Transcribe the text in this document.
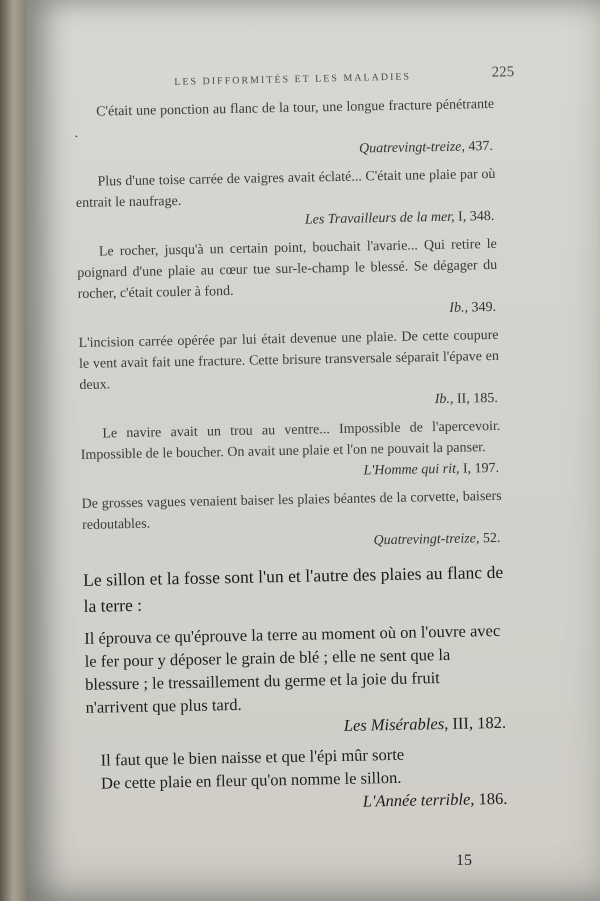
LES DIFFORMITÉS ET LES MALADIES	225
C'était une ponction au flanc de la tour, une longue fracture pénétrante .
Quatrevingt-treize, 437.
Plus d'une toise carrée de vaigres avait éclaté... C'était une plaie par où entrait le naufrage.
Les Travailleurs de la mer, I, 348.
Le rocher, jusqu'à un certain point, bouchait l'avarie... Qui retire le poignard d'une plaie au cœur tue sur-le-champ le blessé. Se dégager du rocher, c'était couler à fond.
Ib., 349.
L'incision carrée opérée par lui était devenue une plaie. De cette coupure le vent avait fait une fracture. Cette brisure transversale séparait l'épave en deux.
Ib., II, 185.
Le navire avait un trou au ventre... Impossible de l'apercevoir. Impossible de le boucher. On avait une plaie et l'on ne pouvait la panser.
L'Homme qui rit, I, 197.
De grosses vagues venaient baiser les plaies béantes de la corvette, baisers redoutables.
Quatrevingt-treize, 52.
Le sillon et la fosse sont l'un et l'autre des plaies au flanc de la terre :
Il éprouva ce qu'éprouve la terre au moment où on l'ouvre avec le fer pour y déposer le grain de blé ; elle ne sent que la blessure ; le tressaillement du germe et la joie du fruit n'arrivent que plus tard.
Les Misérables, III, 182.
Il faut que le bien naisse et que l'épi mûr sorte
De cette plaie en fleur qu'on nomme le sillon.
L'Année terrible, 186.
15
